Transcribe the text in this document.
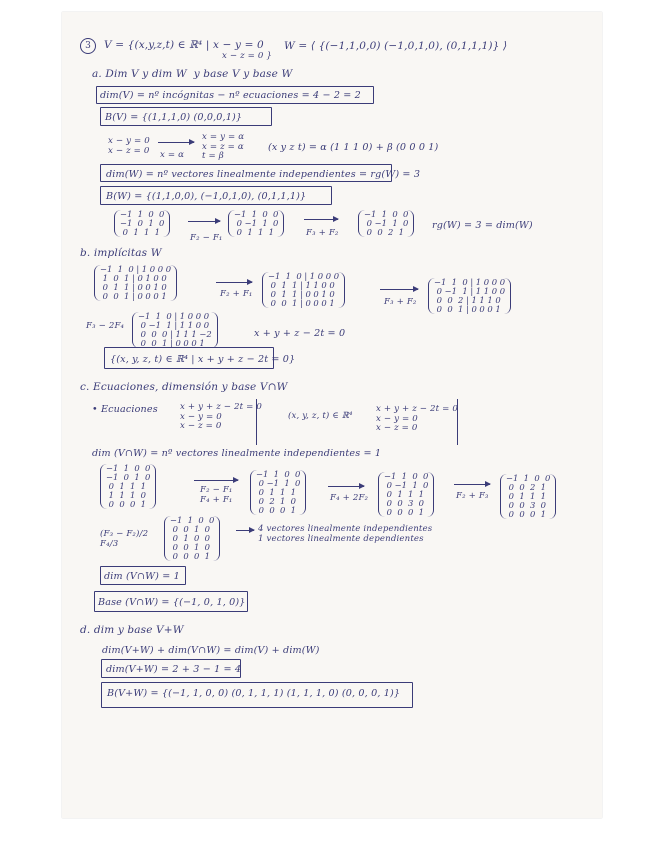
3	V = {(x,y,z,t) ∈ ℝ⁴ | x − y = 0
x − z = 0 }
W = ⟨ {(−1,1,0,0) (−1,0,1,0), (0,1,1,1)} ⟩
a. Dim V y dim W  y base V y base W
dim(V) = nº incógnitas − nº ecuaciones = 4 − 2 = 2
B(V) = {(1,1,1,0) (0,0,0,1)}
x − y = 0
x − z = 0 x = α
x = y = α
x = z = α
t = β
(x y z t) = α (1 1 1 0) + β (0 0 0 1)
dim(W) = nº vectores linealmente independientes = rg(W) = 3
B(W) = {(1,1,0,0), (−1,0,1,0), (0,1,1,1)}
−1  1  0  0
−1  0  1  0
0  1  1  1
F₂ − F₁
−1  1  0  0
0 −1  1  0
0  1  1  1	F₃ + F₂
−1  1  0  0
0 −1  1  0
0  0  2  1
rg(W) = 3 = dim(W)
b. implícitas W
−1  1  0 | 1 0 0 0
1  0  1 | 0 1 0 0
0  1  1 | 0 0 1 0
0  0  1 | 0 0 0 1	F₂ + F₁
−1  1  0 | 1 0 0 0
0  1  1 | 1 1 0 0
0  1  1 | 0 0 1 0
0  0  1 | 0 0 0 1	F₃ + F₂
−1  1  0 | 1 0 0 0
0 −1  1 | 1 1 0 0
0  0  2 | 1 1 1 0
0  0  1 | 0 0 0 1
F₃ − 2F₄
−1  1  0 | 1 0 0 0
0 −1  1 | 1 1 0 0
0  0  0 | 1 1 1 −2
0  0  1 | 0 0 0 1
x + y + z − 2t = 0
{(x, y, z, t) ∈ ℝ⁴ | x + y + z − 2t = 0}
c. Ecuaciones, dimensión y base V∩W
• Ecuaciones	x + y + z − 2t = 0
x − y = 0
x − z = 0
(x, y, z, t) ∈ ℝ⁴
x + y + z − 2t = 0
x − y = 0
x − z = 0
dim (V∩W) = nº vectores linealmente independientes = 1
−1  1  0  0
−1  0  1  0
0  1  1  1
1  1  1  0
0  0  0  1
F₂ − F₁
F₄ + F₁
−1  1  0  0
0 −1  1  0
0  1  1  1
0  2  1  0
0  0  0  1
F₄ + 2F₂
−1  1  0  0
0 −1  1  0
0  1  1  1
0  0  3  0
0  0  0  1
F₂ + F₃
−1  1  0  0
0  0  2  1
0  1  1  1
0  0  3  0
0  0  0  1
(F₃ − F₂)/2
F₄/3
−1  1  0  0
0  0  1  0
0  1  0  0
0  0  1  0
0  0  0  1
4 vectores linealmente independientes
1 vectores linealmente dependientes
dim (V∩W) = 1
Base (V∩W) = {(−1, 0, 1, 0)}
d. dim y base V+W
dim(V+W) + dim(V∩W) = dim(V) + dim(W)
dim(V+W) = 2 + 3 − 1 = 4
B(V+W) = {(−1, 1, 0, 0) (0, 1, 1, 1) (1, 1, 1, 0) (0, 0, 0, 1)}
